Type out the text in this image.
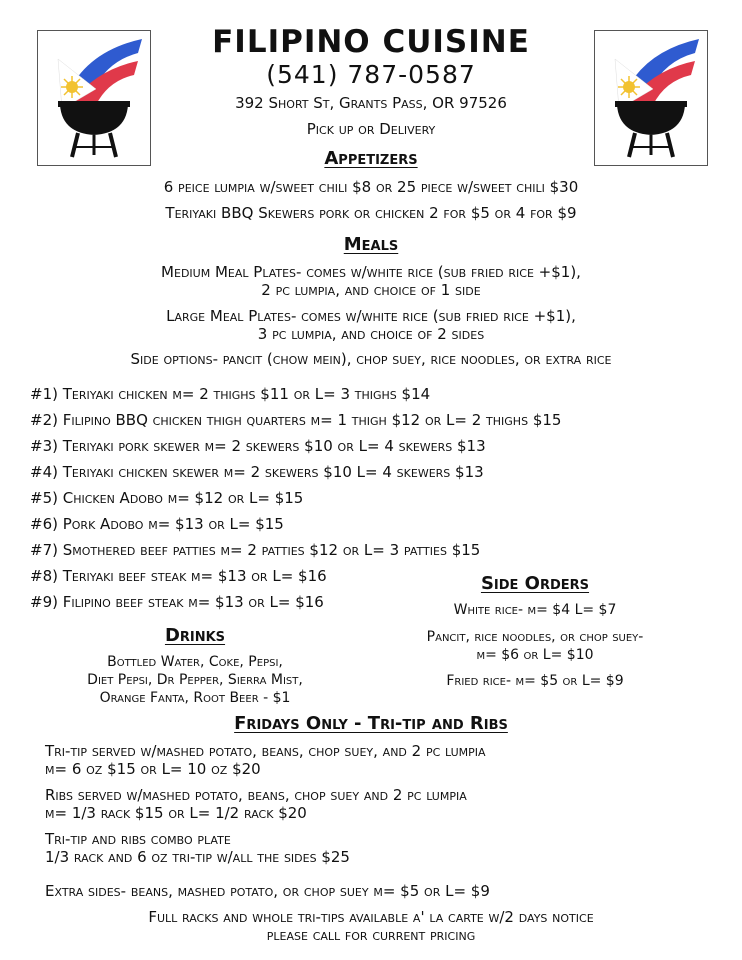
FILIPINO CUISINE
(541) 787-0587
392 Short St, Grants Pass, OR 97526
Pick up or Delivery
Appetizers
6 peice lumpia w/sweet chili $8 or 25 piece w/sweet chili $30
Teriyaki BBQ Skewers pork or chicken 2 for $5 or 4 for $9
Meals
Medium Meal Plates- comes w/white rice (sub fried rice +$1),
2 pc lumpia, and choice of 1 side
Large Meal Plates- comes w/white rice (sub fried rice +$1),
3 pc lumpia, and choice of 2 sides
Side options- pancit (chow mein), chop suey, rice noodles, or extra rice
#1) Teriyaki chicken m= 2 thighs $11 or L= 3 thighs $14
#2) Filipino BBQ chicken thigh quarters m= 1 thigh $12 or L= 2 thighs $15
#3) Teriyaki pork skewer m= 2 skewers $10 or L= 4 skewers $13
#4) Teriyaki chicken skewer m= 2 skewers $10 L= 4 skewers $13
#5) Chicken Adobo m= $12 or L= $15
#6) Pork Adobo m= $13 or L= $15
#7) Smothered beef patties m= 2 patties $12 or L= 3 patties $15
#8) Teriyaki beef steak m= $13 or L= $16
#9) Filipino beef steak m= $13 or L= $16
Side Orders
White rice- m= $4 L= $7
Pancit, rice noodles, or chop suey-
m= $6 or L= $10
Fried rice- m= $5 or L= $9
Drinks
Bottled Water, Coke, Pepsi,
Diet Pepsi, Dr Pepper, Sierra Mist,
Orange Fanta, Root Beer - $1
Fridays Only - Tri-tip and Ribs
Tri-tip served w/mashed potato, beans, chop suey, and 2 pc lumpia
m= 6 oz $15 or L= 10 oz $20
Ribs served w/mashed potato, beans, chop suey and 2 pc lumpia
m= 1/3 rack $15 or L= 1/2 rack $20
Tri-tip and ribs combo plate
1/3 rack and 6 oz tri-tip w/all the sides $25
Extra sides- beans, mashed potato, or chop suey m= $5 or L= $9
Full racks and whole tri-tips available a' la carte w/2 days notice
please call for current pricing
